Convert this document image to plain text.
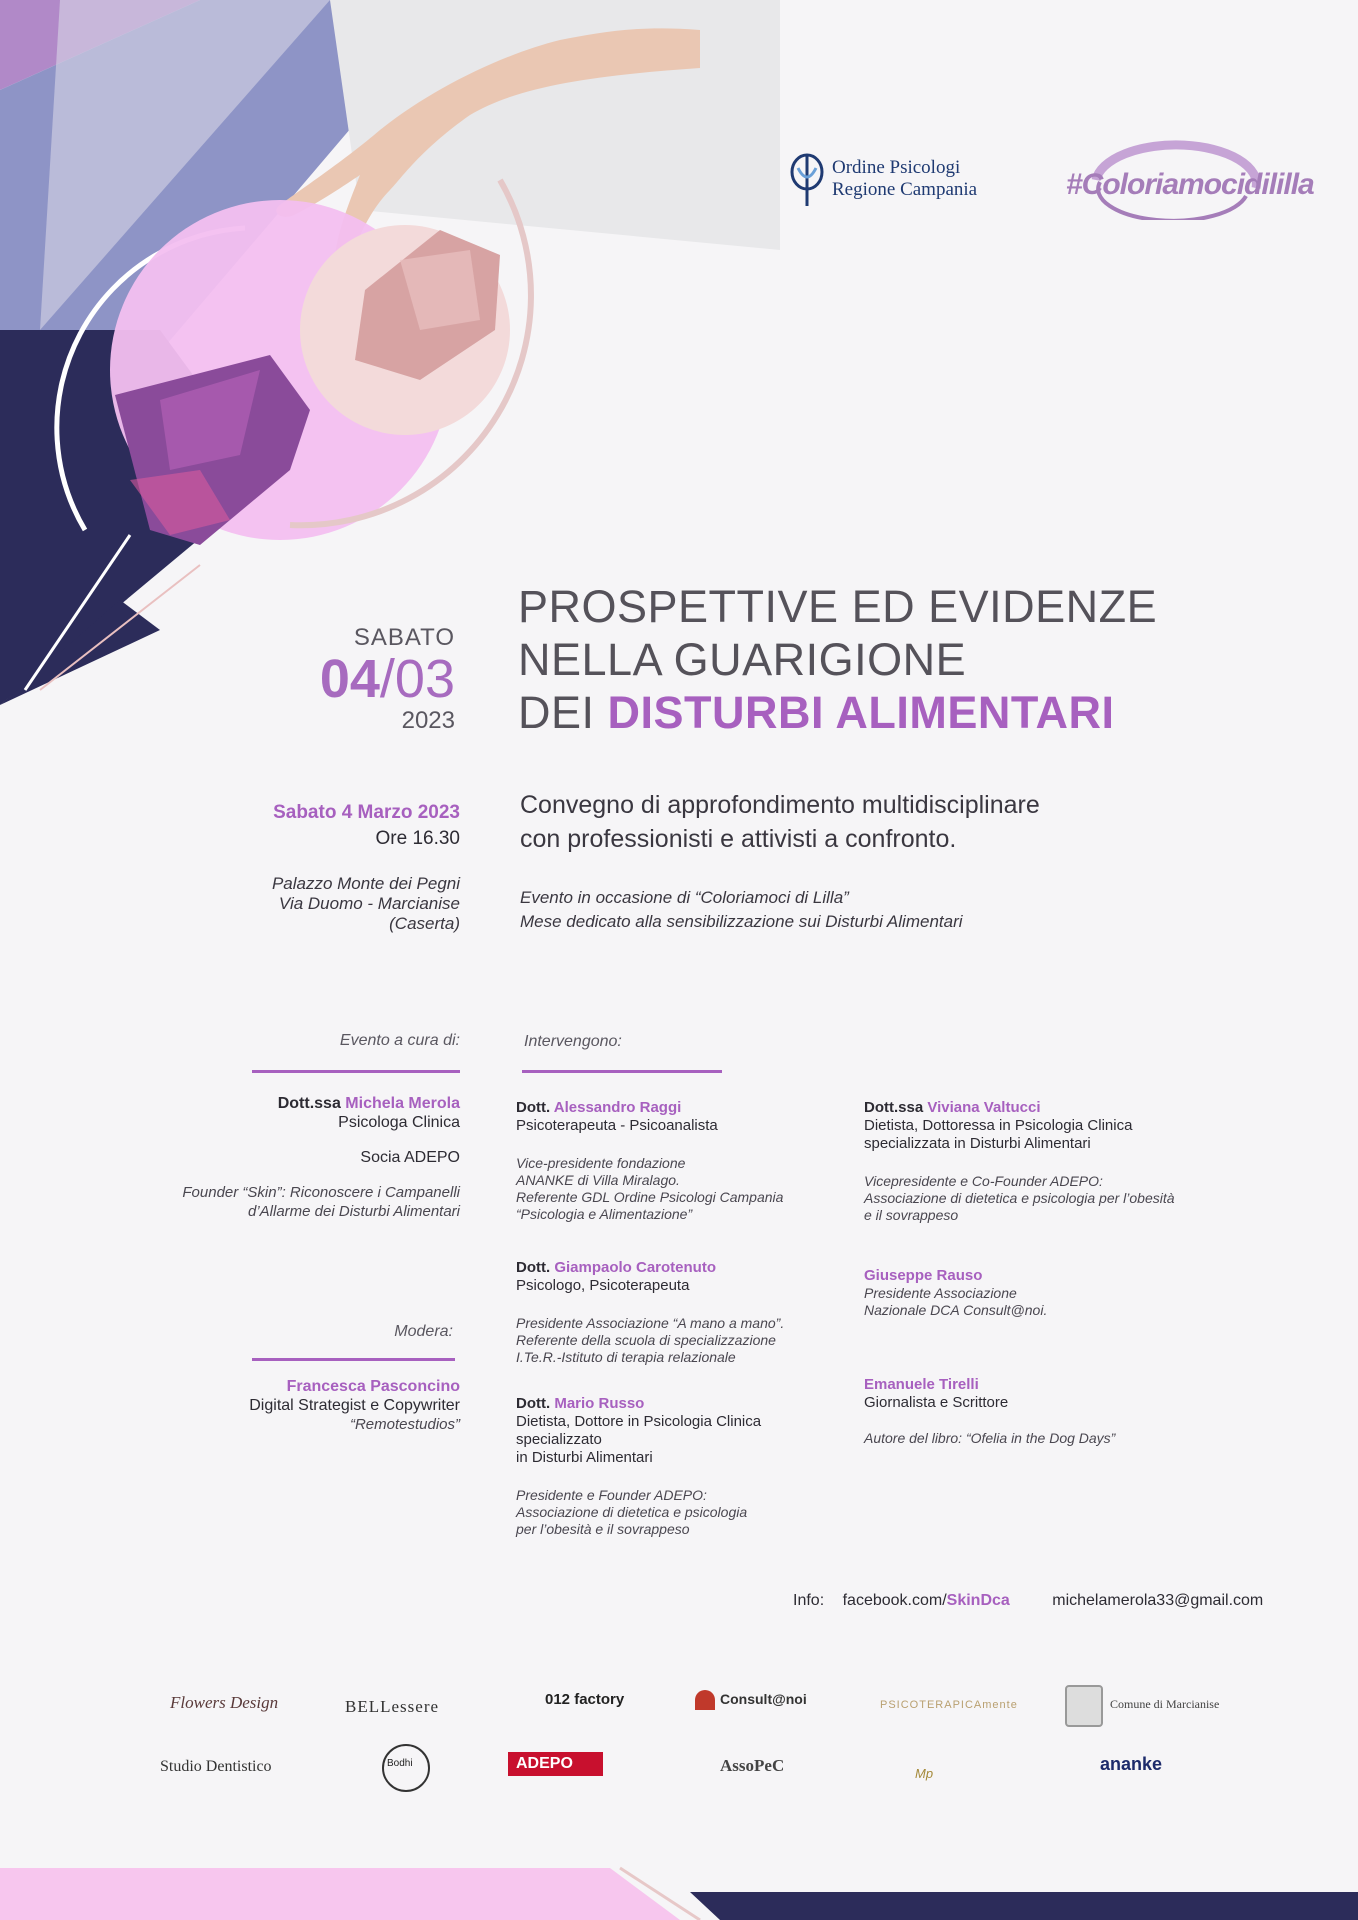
Ordine Psicologi
Regione Campania	#Coloriamocidililla
SABATO
04/03
2023
PROSPETTIVE ED EVIDENZE
NELLA GUARIGIONE
DEI DISTURBI ALIMENTARI
Convegno di approfondimento multidisciplinare
con professionisti e attivisti a confronto.
Evento in occasione di “Coloriamoci di Lilla”
Mese dedicato alla sensibilizzazione sui Disturbi Alimentari
Sabato 4 Marzo 2023
Ore 16.30
Palazzo Monte dei Pegni
Via Duomo - Marcianise
(Caserta)
Evento a cura di:
Dott.ssa Michela Merola
Psicologa Clinica
Socia ADEPO
Founder “Skin”: Riconoscere i Campanelli
d’Allarme dei Disturbi Alimentari
Modera:
Francesca Pasconcino
Digital Strategist e Copywriter
“Remotestudios”
Intervengono:
Dott. Alessandro Raggi
Psicoterapeuta - Psicoanalista
Vice-presidente fondazione
ANANKE di Villa Miralago.
Referente GDL Ordine Psicologi Campania
“Psicologia e Alimentazione”
Dott. Giampaolo Carotenuto
Psicologo, Psicoterapeuta
Presidente Associazione “A mano a mano”.
Referente della scuola di specializzazione
I.Te.R.-Istituto di terapia relazionale
Dott. Mario Russo
Dietista, Dottore in Psicologia Clinica
specializzato
in Disturbi Alimentari
Presidente e Founder ADEPO:
Associazione di dietetica e psicologia
per l’obesità e il sovrappeso
Dott.ssa Viviana Valtucci
Dietista, Dottoressa in Psicologia Clinica
specializzata in Disturbi Alimentari
Vicepresidente e Co-Founder ADEPO:
Associazione di dietetica e psicologia per l’obesità
e il sovrappeso
Giuseppe Rauso
Presidente Associazione
Nazionale DCA Consult@noi.
Emanuele Tirelli
Giornalista e Scrittore
Autore del libro: “Ofelia in the Dog Days”
Flowers Design	BELLessere	012 factory	Consult@noi	PSICOTERAPICAmente	Comune di Marcianise
Studio Dentistico	Bodhi	ADEPO	AssoPeC	Mp	ananke
Info: facebook.com/SkinDca	michelamerola33@gmail.com
